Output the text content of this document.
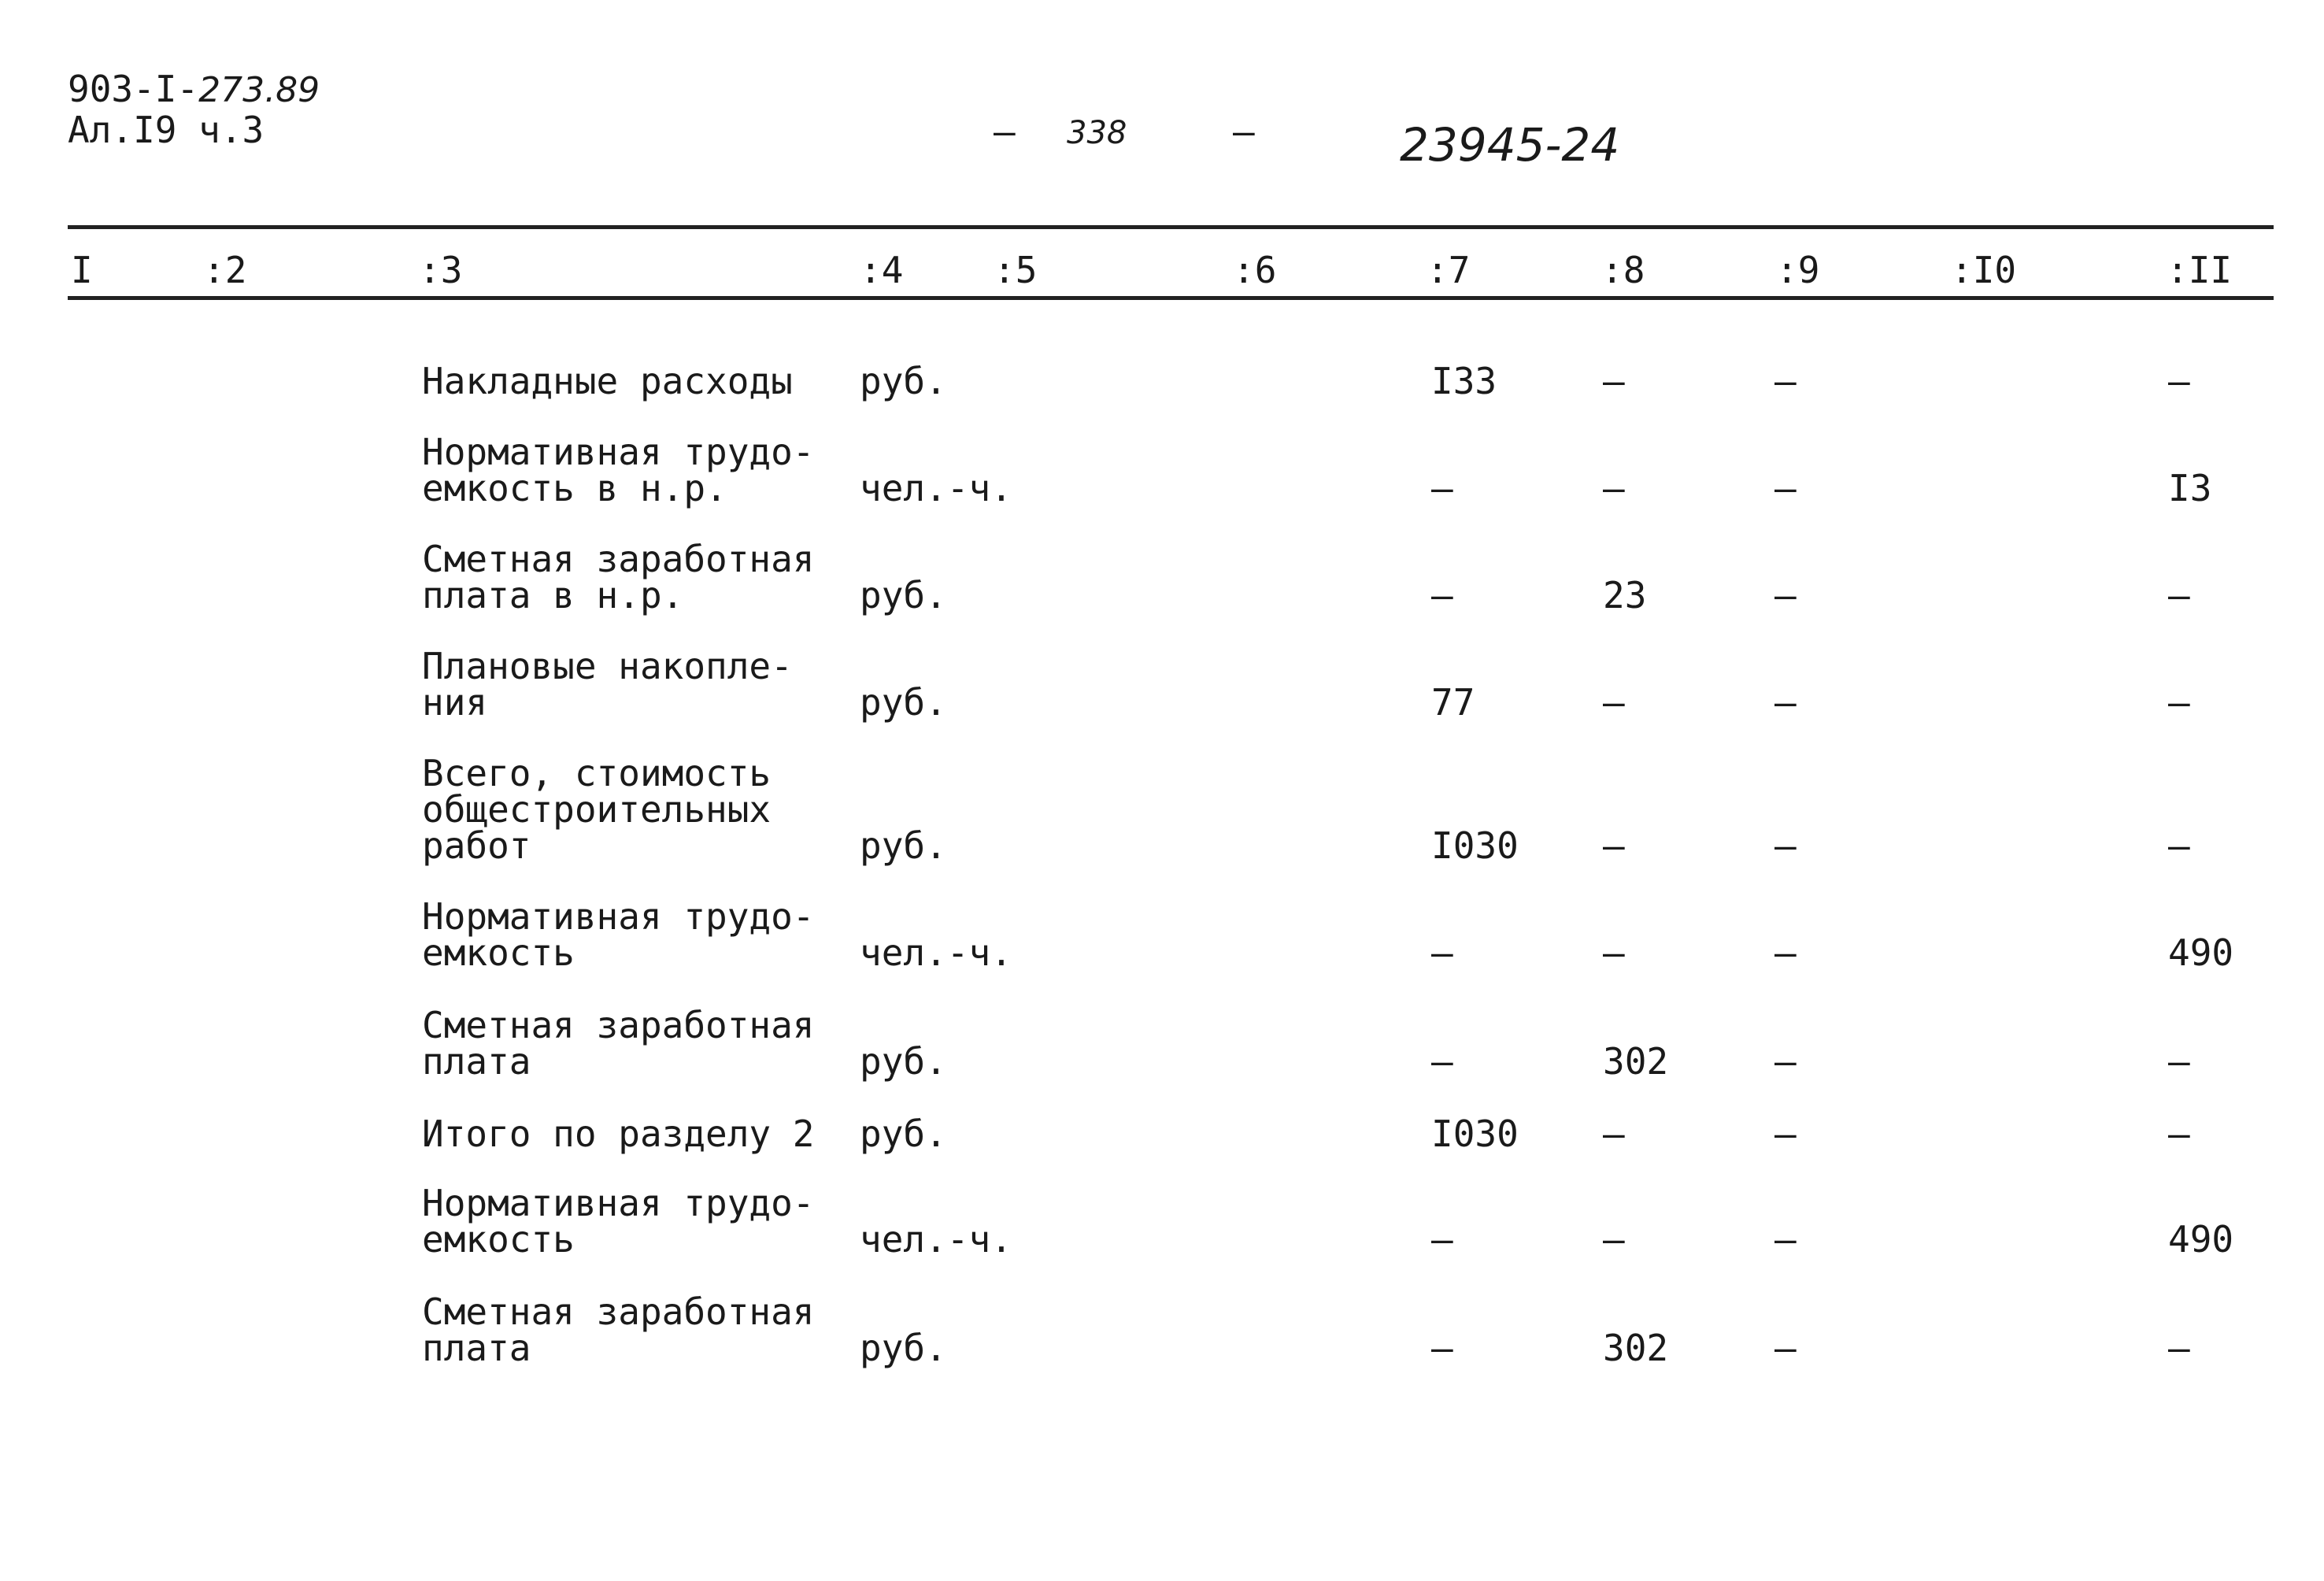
903-I-273.89
Ал.I9 ч.3	– 338	–	23945-24
I	:2	:3	:4 :5	:6	:7	:8	:9	:I0	:II
Накладные расходы руб.	I33	–	–	–
Нормативная трудо-
емкость в н.р.	чел.-ч.	–	–	–	I3
Сметная заработная
плата в н.р.	руб.	–	23	–	–
Плановые накопле-
ния	руб.	77	–	–	–
Всего, стоимость
общестроительных
работ	руб.	I030 –	–	–
Нормативная трудо-
емкость	чел.-ч.	–	–	–	490
Сметная заработная
плата	руб.	–	302	–	–
Итого по разделу 2 руб.	I030 –	–	–
Нормативная трудо-
емкость	чел.-ч.	–	–	–	490
Сметная заработная
плата	руб.	–	302	–	–
